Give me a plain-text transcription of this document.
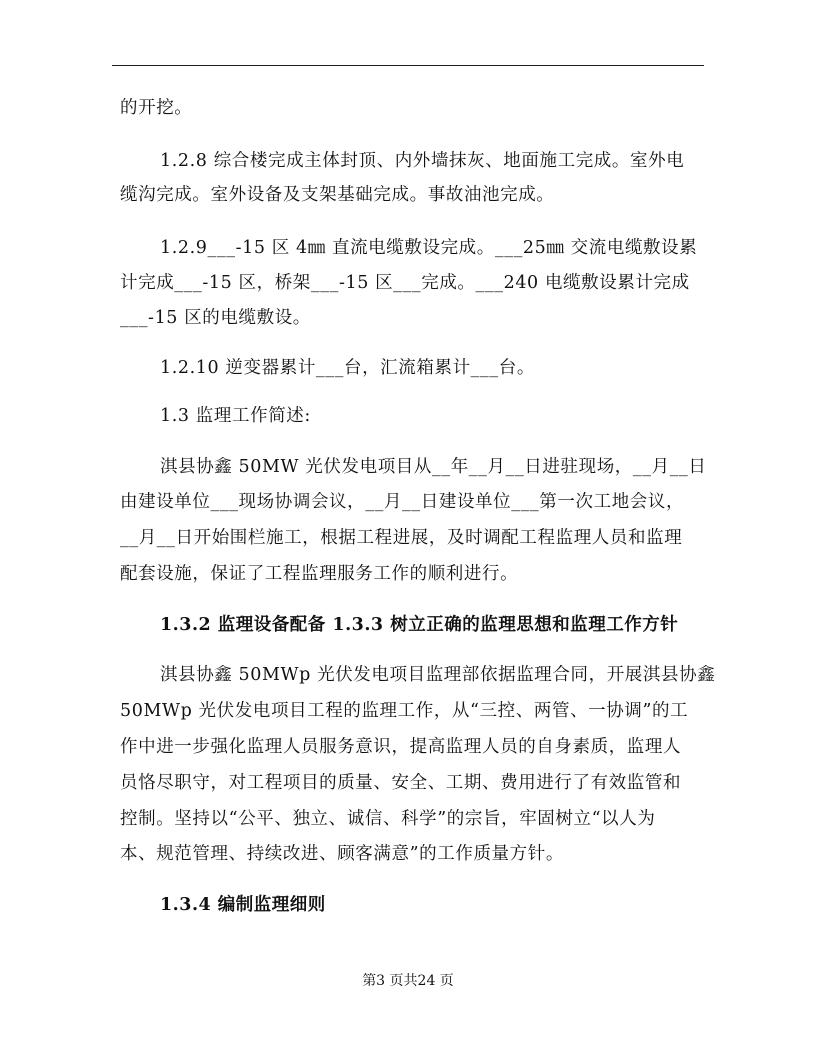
的开挖。
1.2.8 综合楼完成主体封顶、内外墙抹灰、地面施工完成。室外电
缆沟完成。室外设备及支架基础完成。事故油池完成。
1.2.9___-15 区 4㎜ 直流电缆敷设完成。___25㎜ 交流电缆敷设累
计完成___-15 区，桥架___-15 区___完成。___240 电缆敷设累计完成
___-15 区的电缆敷设。
1.2.10 逆变器累计___台，汇流箱累计___台。
1.3 监理工作简述:
淇县协鑫 50MW 光伏发电项目从__年__月__日进驻现场，__月__日
由建设单位___现场协调会议，__月__日建设单位___第一次工地会议，
__月__日开始围栏施工，根据工程进展，及时调配工程监理人员和监理
配套设施，保证了工程监理服务工作的顺利进行。
1.3.2 监理设备配备 1.3.3 树立正确的监理思想和监理工作方针
淇县协鑫 50MWp 光伏发电项目监理部依据监理合同，开展淇县协鑫
50MWp 光伏发电项目工程的监理工作，从“三控、两管、一协调”的工
作中进一步强化监理人员服务意识，提高监理人员的自身素质，监理人
员恪尽职守，对工程项目的质量、安全、工期、费用进行了有效监管和
控制。坚持以“公平、独立、诚信、科学”的宗旨，牢固树立“以人为
本、规范管理、持续改进、顾客满意”的工作质量方针。
1.3.4 编制监理细则
第3 页共24 页
